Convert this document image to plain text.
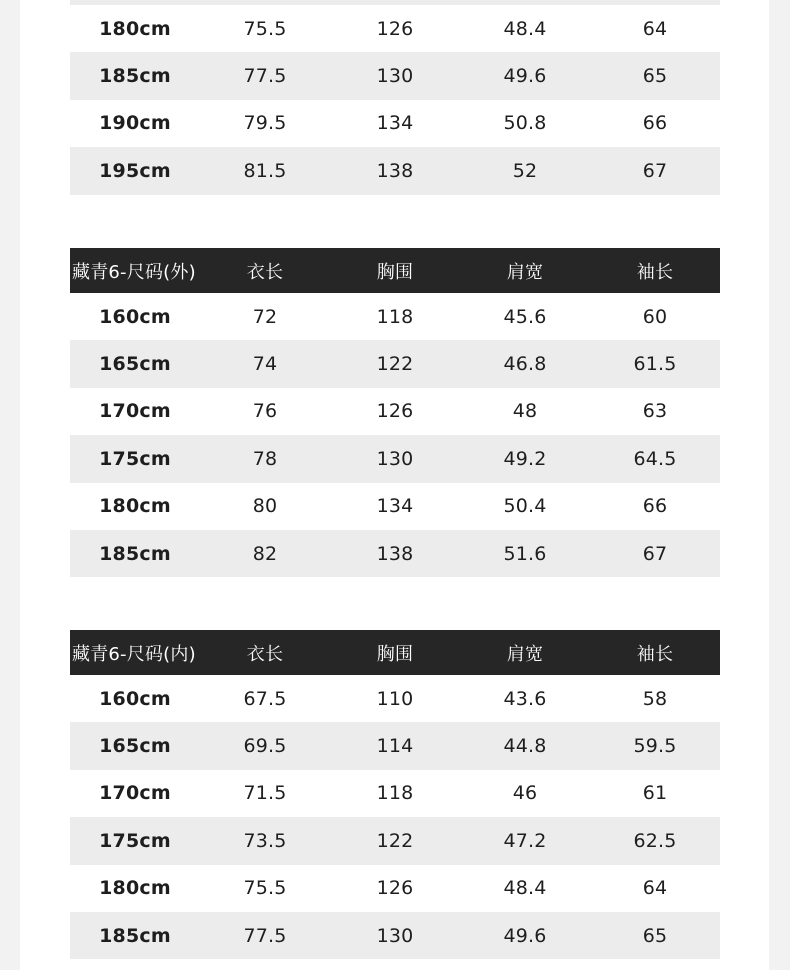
180cm	75.5	126	48.4	64
185cm	77.5	130	49.6	65
190cm	79.5	134	50.8	66
195cm	81.5	138	52	67
藏青6-尺码(外)	衣长	胸围	肩宽	袖长
160cm	72	118	45.6	60
165cm	74	122	46.8	61.5
170cm	76	126	48	63
175cm	78	130	49.2	64.5
180cm	80	134	50.4	66
185cm	82	138	51.6	67
藏青6-尺码(内)	衣长	胸围	肩宽	袖长
160cm	67.5	110	43.6	58
165cm	69.5	114	44.8	59.5
170cm	71.5	118	46	61
175cm	73.5	122	47.2	62.5
180cm	75.5	126	48.4	64
185cm	77.5	130	49.6	65
